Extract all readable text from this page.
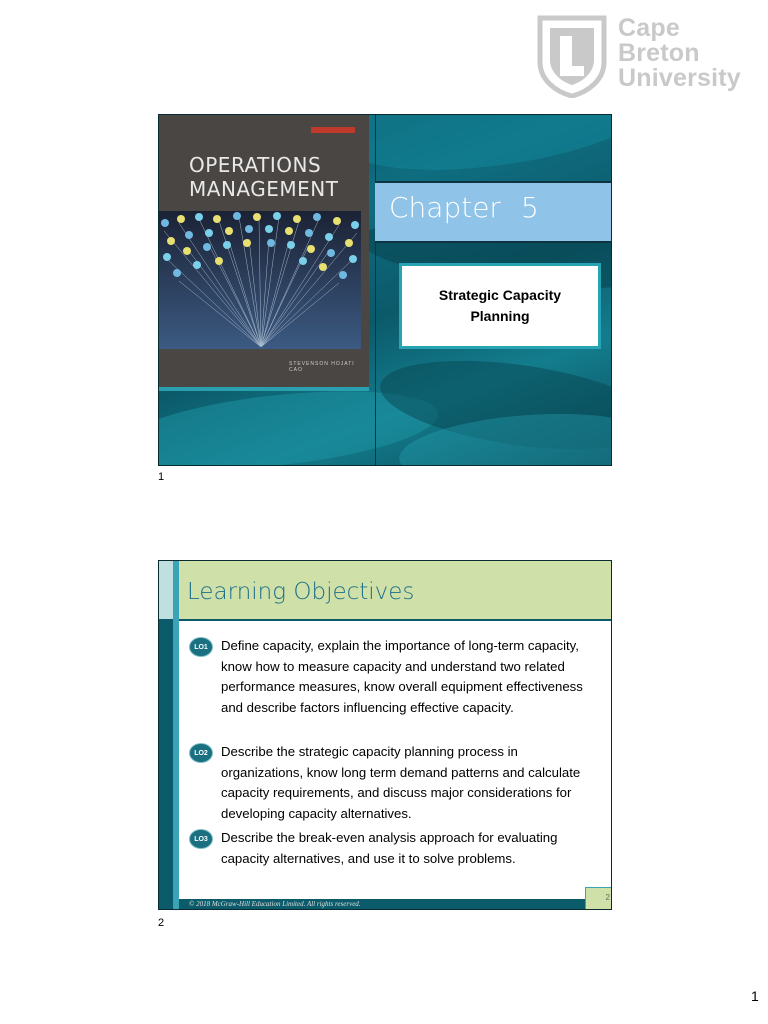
Cape
Breton
University
OPERATIONS
MANAGEMENT
STEVENSON HOJATI CAO
Chapter 5
Strategic Capacity Planning
1
Learning Objectives
LO1 Define capacity, explain the importance of long-term capacity, know how to measure capacity and understand two related performance measures, know overall equipment effectiveness and describe factors influencing effective capacity.
LO2 Describe the strategic capacity planning process in organizations, know long term demand patterns and calculate capacity requirements, and discuss major considerations for developing capacity alternatives.
LO3 Describe the break-even analysis approach for evaluating capacity alternatives, and use it to solve problems.
© 2018 McGraw-Hill Education Limited. All rights reserved.
2
2
1
